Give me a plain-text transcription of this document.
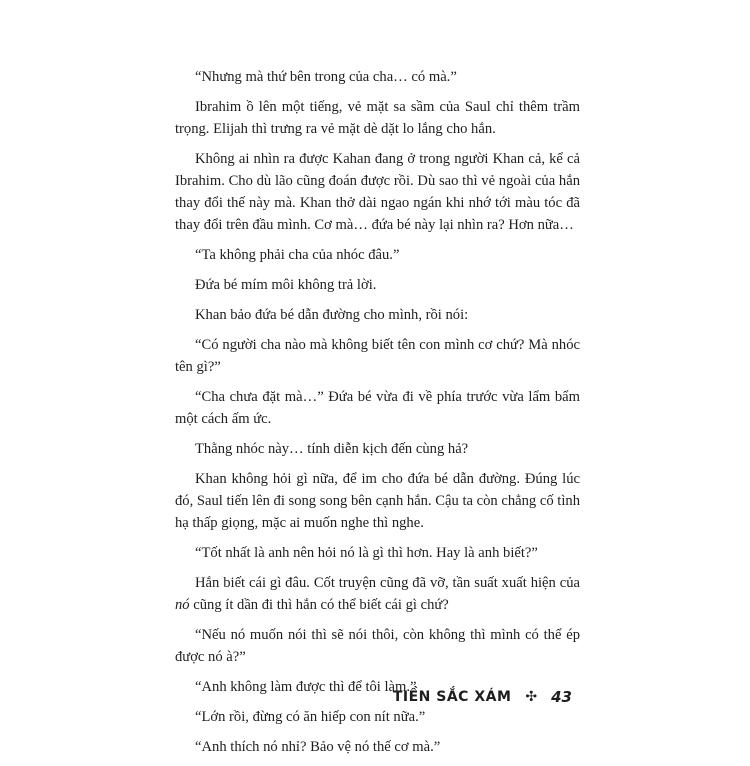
“Nhưng mà thứ bên trong của cha… có mà.”

Ibrahim ồ lên một tiếng, vẻ mặt sa sầm của Saul chỉ thêm trầm trọng. Elijah thì trưng ra vẻ mặt dè dặt lo lắng cho hắn.

Không ai nhìn ra được Kahan đang ở trong người Khan cả, kể cả Ibrahim. Cho dù lão cũng đoán được rồi. Dù sao thì vẻ ngoài của hắn thay đổi thế này mà. Khan thở dài ngao ngán khi nhớ tới màu tóc đã thay đổi trên đầu mình. Cơ mà… đứa bé này lại nhìn ra? Hơn nữa…

“Ta không phải cha của nhóc đâu.”

Đứa bé mím môi không trả lời.

Khan bảo đứa bé dẫn đường cho mình, rồi nói:

“Có người cha nào mà không biết tên con mình cơ chứ? Mà nhóc tên gì?”

“Cha chưa đặt mà…” Đứa bé vừa đi về phía trước vừa lẩm bẩm một cách ấm ức.

Thằng nhóc này… tính diễn kịch đến cùng hả?

Khan không hỏi gì nữa, để im cho đứa bé dẫn đường. Đúng lúc đó, Saul tiến lên đi song song bên cạnh hắn. Cậu ta còn chẳng cố tình hạ thấp giọng, mặc ai muốn nghe thì nghe.

“Tốt nhất là anh nên hỏi nó là gì thì hơn. Hay là anh biết?”

Hắn biết cái gì đâu. Cốt truyện cũng đã vỡ, tần suất xuất hiện của nó cũng ít dần đi thì hắn có thể biết cái gì chứ?

“Nếu nó muốn nói thì sẽ nói thôi, còn không thì mình có thể ép được nó à?”

“Anh không làm được thì để tôi làm.”

“Lớn rồi, đừng có ăn hiếp con nít nữa.”

“Anh thích nó nhỉ? Bảo vệ nó thế cơ mà.”

TIỀN SẮC XÁM ✣ 43
